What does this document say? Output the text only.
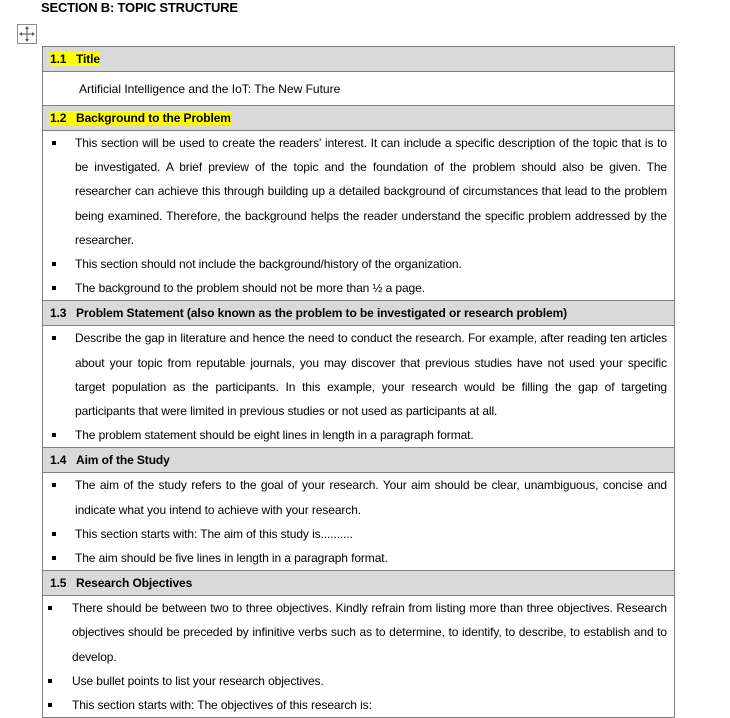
SECTION B: TOPIC STRUCTURE
1.1 Title
Artificial Intelligence and the IoT: The New Future
1.2 Background to the Problem

This section will be used to create the readers' interest. It can include a specific description of the topic that is to be investigated. A brief preview of the topic and the foundation of the problem should also be given. The researcher can achieve this through building up a detailed background of circumstances that lead to the problem being examined. Therefore, the background helps the reader understand the specific problem addressed by the researcher.
This section should not include the background/history of the organization.
The background to the problem should not be more than ½ a page.

1.3 Problem Statement (also known as the problem to be investigated or research problem)

Describe the gap in literature and hence the need to conduct the research. For example, after reading ten articles about your topic from reputable journals, you may discover that previous studies have not used your specific target population as the participants. In this example, your research would be filling the gap of targeting participants that were limited in previous studies or not used as participants at all.
The problem statement should be eight lines in length in a paragraph format.

1.4 Aim of the Study

The aim of the study refers to the goal of your research. Your aim should be clear, unambiguous, concise and indicate what you intend to achieve with your research.
This section starts with: The aim of this study is..........
The aim should be five lines in length in a paragraph format.

1.5 Research Objectives

There should be between two to three objectives. Kindly refrain from listing more than three objectives. Research objectives should be preceded by infinitive verbs such as to determine, to identify, to describe, to establish and to develop.
Use bullet points to list your research objectives.
This section starts with: The objectives of this research is:
